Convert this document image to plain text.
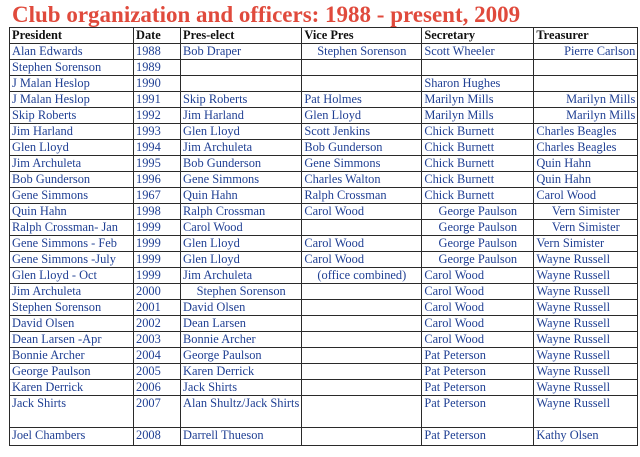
Club organization and officers: 1988 - present, 2009
President	Date	Pres-elect	Vice Pres	Secretary	Treasurer
Alan Edwards	1988	Bob Draper	Stephen Sorenson	Scott Wheeler	Pierre Carlson
Stephen Sorenson	1989				
J Malan Heslop	1990			Sharon Hughes	
J Malan Heslop	1991	Skip Roberts	Pat Holmes	Marilyn Mills	Marilyn Mills
Skip Roberts	1992	Jim Harland	Glen Lloyd	Marilyn Mills	Marilyn Mills
Jim Harland	1993	Glen Lloyd	Scott Jenkins	Chick Burnett	Charles Beagles
Glen Lloyd	1994	Jim Archuleta	Bob Gunderson	Chick Burnett	Charles Beagles
Jim Archuleta	1995	Bob Gunderson	Gene Simmons	Chick Burnett	Quin Hahn
Bob Gunderson	1996	Gene Simmons	Charles Walton	Chick Burnett	Quin Hahn
Gene Simmons	1967	Quin Hahn	Ralph Crossman	Chick Burnett	Carol Wood
Quin Hahn	1998	Ralph Crossman	Carol Wood	George Paulson	Vern Simister
Ralph Crossman- Jan	1999	Carol Wood		George Paulson	Vern Simister
Gene Simmons - Feb	1999	Glen Lloyd	Carol Wood	George Paulson	Vern Simister
Gene Simmons -July	1999	Glen Lloyd	Carol Wood	George Paulson	Wayne Russell
Glen Lloyd - Oct	1999	Jim Archuleta	(office combined)	Carol Wood	Wayne Russell
Jim Archuleta	2000	Stephen Sorenson		Carol Wood	Wayne Russell
Stephen Sorenson	2001	David Olsen		Carol Wood	Wayne Russell
David Olsen	2002	Dean Larsen		Carol Wood	Wayne Russell
Dean Larsen -Apr	2003	Bonnie Archer		Carol Wood	Wayne Russell
Bonnie Archer	2004	George Paulson		Pat Peterson	Wayne Russell
George Paulson	2005	Karen Derrick		Pat Peterson	Wayne Russell
Karen Derrick	2006	Jack Shirts		Pat Peterson	Wayne Russell
Jack Shirts	2007	Alan Shultz/Jack Shirts		Pat Peterson	Wayne Russell
Joel Chambers	2008	Darrell Thueson		Pat Peterson	Kathy Olsen
